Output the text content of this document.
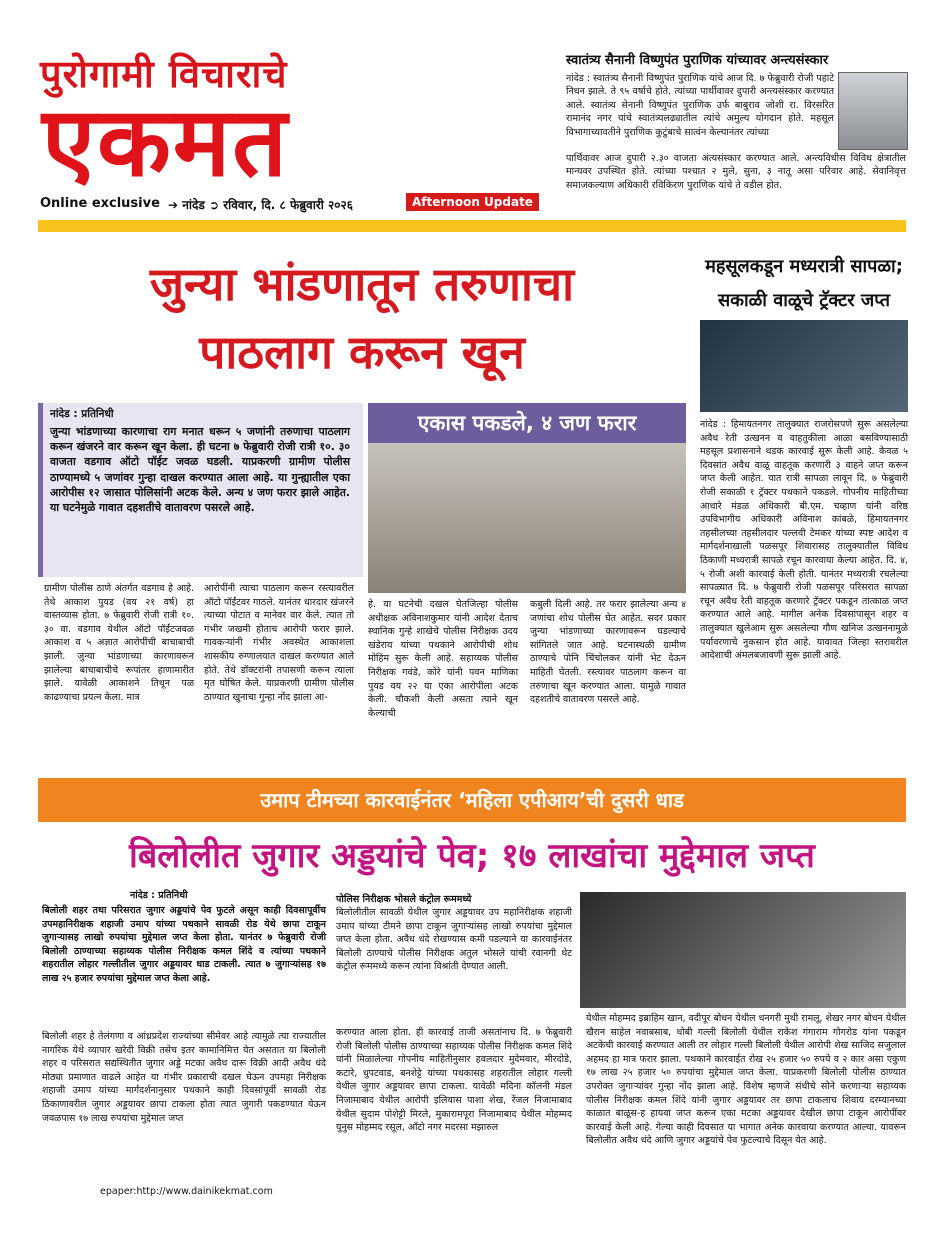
पुरोगामी विचाराचे
एकमत
Online exclusive ➔ नांदेड ➲ रविवार, दि. ८ फेब्रुवारी २०२६	Afternoon Update
स्वातंत्र्य सैनानी विष्णुपंत पुराणिक यांच्यावर अन्त्यसंस्कार
नांदेड : स्वातंत्र्य सैनानी विष्णुपंत पुराणिक यांचे आज दि. ७ फेब्रुवारी रोजी पहाटे निधन झाले. ते ९५ वर्षाचे होते. त्यांच्या पार्थीवावर दुपारी अन्त्यसंस्कार करण्यात आले. स्वातंत्र्य सेनानी विष्णुपंत पुराणिक उर्फ बाबुराव जोशी रा. विरसरित रामानंद नगर यांचे स्वातंत्र्यलढ्यातील त्यांचे अमुल्य योगदान होते. महसूल विभागाच्यावतीने पुराणिक कुटुंबाचे सात्वंन केल्यानंतर त्यांच्या
पार्थिवावर आज दुपारी २.३० वाजता अंत्यसंस्कार करण्यात आले. अन्त्यविधीस विविध क्षेत्रातील मान्यवर उपस्थित होते. त्यांच्या पश्चात २ मुले, सुना, ३ नातू असा परिवार आहे. सेवानिवृत्त समाजकल्याण अधिकारी रविकिरण पुराणिक यांचे ते वडील होत.
जुन्या भांडणातून तरुणाचा
पाठलाग करून खून
महसूलकडून मध्यरात्री सापळा;
सकाळी वाळूचे ट्रॅक्टर जप्त
नांदेड : हिमायतनगर तालुक्यात राजरोसपणे सुरू असलेल्या अवैध रेती उत्खनन व वाहतुकीला आळा बसविण्यासाठी महसूल प्रशासनाने धडक कारवाई सुरू केली आहे. केवळ ५ दिवसांत अवैध वाळू वाहतूक करणारी ३ वाहने जप्त करून जप्त केली आहेत. यात रात्री सापळा लावून दि. ७ फेब्रुवारी रोजी सकाळी १ ट्रॅक्टर पथकाने पकडले. गोपनीय माहितीच्या आधारे मंडळ अधिकारी बी.एम. चव्हाण यांनी वरिष्ठ उपविभागीय अधिकारी अविनाश कांबळे, हिमायतनगर तहसीलच्या तहसीलदार पल्लवी टेमकर यांच्या स्पष्ट आदेश व मार्गदर्शनाखाली पळसपूर शिवारासह तालुक्यातील विविध ठिकाणी मध्यरात्री सापळे रचून कारवाया केल्या आहेत. दि. ४, ५ रोजी अशी कारवाई केली होती. यानंतर मध्यरात्री रचलेल्या सापळ्यात दि. ७ फेब्रुवारी रोजी पळसपूर परिसरात सापळा रचून अवैध रेती वाहतूक करणारे ट्रॅक्टर पकडून तात्काळ जप्त करण्यात आले आहे. मागील अनेक दिवसांपासून शहर व तालुक्यात खुलेआम सुरू असलेल्या गौण खनिज उत्खननामुळे पर्यावरणाचे नुकसान होत आहे. यावावत जिल्हा स्तरावरील आदेशाची अंमलबजावणी सुरू झाली आहे.
नांदेड : प्रतिनिधी
जुन्या भांडणाच्या कारणाचा राग मनात धरून ५ जणांनी तरुणाचा पाठलाग करून खंजरने वार करून खून केला. ही घटना ७ फेब्रुवारी रोजी रात्री १०. ३० वाजता वडगाव ऑटो पॉईट जवळ घडली. याप्रकरणी ग्रामीण पोलीस ठाण्यामध्ये ५ जणांवर गुन्हा दाखल करण्यात आला आहे. या गुन्ह्यातील एका आरोपीस १२ जासात पोलिसांनी अटक केले. अन्य ४ जण फरार झाले आहेत. या घटनेमुळे गावात दहशतीचे वातावरण पसरले आहे.
एकास पकडले, ४ जण फरार
ग्रामीण पोलीस ठाणे अंतर्गत वडगाव हे आहे. तेथे आकाश पुयड (वय २१ वर्ष) हा वास्तव्यास होता. ७ फेब्रुवारी रोजी रात्री १०. ३० वा. वडगाव येथील ऑटो पॉईंटजवळ आकाश व ५ अज्ञात आरोपींची बाचाबाची झाली. जुन्या भांडणाच्या कारणावरून झालेल्या बाचाबाचीचे रूपांतर हाणामारीत झाले. यावेळी आकाशने तिथून पळ काढण्याचा प्रयत्न केला. मात्र
आरोपींनी त्याचा पाठलाग करून रस्त्यावरील ऑटो पॉईंटवर गाठले. यानंतर धारदार खंजरने त्याच्या पोटात व मानेवर वार केले. त्यात तो गंभीर जखमी होताच आरोपी फरार झाले. गावकऱ्यांनी गंभीर अवस्थेत आकाशला शासकीय रुग्णालयात दाखल करण्यात आले होते. तेथे डॉक्टरांनी तपासणी करून त्याला मृत घोषित केले. याप्रकरणी ग्रामीण पोलीस ठाण्यात खुनाचा गुन्हा नोंद झाला आ-
हे. या घटनेची दखल घेतजिल्हा पोलीस अधीक्षक अविनाशकुमार यांनी आदेश देताच स्थानिक गुन्हे शाखेचे पोलीस निरीक्षक उदय खंडेराय यांच्या पथकाने आरोपीची शोध मोहिम सुरू केली आहे. सहाय्यक पोलीस निरीक्षक गवंडे, कोरे यांनी पवन माणिका पुयड वय २२ या एका आरोपीला अटक केली. चौकशी केली असता त्याने खून केल्याची
कबुली दिली आहे. तर फरार झालेल्या अन्य ४ जणांचा शोध पोलीस घेत आहेत. सदर प्रकार जुन्या भांडणाच्या कारणावरून घडल्याचे सांगितले जात आहे. घटनास्थळी ग्रामीण ठाण्याचे पोनि चिंचोलकर यांनी भेट देऊन माहिती घेतली. रस्त्यावर पाठलाग करून वा तरुणाचा खून करण्यात आला. यामुळे गावात दहशतीचे वातावरण पसरले आहे.
उमाप टीमच्या कारवाईनंतर ‘महिला एपीआय’ची दुसरी धाड
बिलोलीत जुगार अड्डयांचे पेव; १७ लाखांचा मुद्देमाल जप्त
नांदेड : प्रतिनिधी
बिलोली शहर तथा परिसरात जुगार अड्डयांचे पेव फुटले असून काही दिवसापूर्वीच उपमहानिरीक्षक शहाजी उमाप यांच्या पथकाने सावळी रोड येथे छापा टाकून जुगाऱ्यासह लाखो रुपयांचा मुद्देमाल जप्त केला होता. यानंतर ७ फेब्रुवारी रोजी बिलोली ठाण्याच्या सहाय्यक पोलीस निरीक्षक कमल शिंदे व त्यांच्या पथकाने शहरातील लोहार गल्लीतील जुगार अड्डयावर धाड टाकली. त्यात ७ जुगाऱ्यांसह १७ लाख २५ हजार रुपयांचा मुद्देमाल जप्त केला आहे.
बिलोली शहर हे तेलंगणा व आंध्रप्रदेश राज्यांच्या सीमेवर आहे त्यामुळे त्या राज्यातील नागरिक येथे व्यापार खरेदी विक्री तसेच इतर कामानिमित्त येत असतात या बिलोली शहर व परिसरात सद्यस्थितीत जुगार अड्डे मटका अवैध दारू विक्री आदी अवैध धंदे मोठ्या प्रमाणात वाढले आहेत या गंभीर प्रकाराची दखल घेऊन उपमहा निरीक्षक शहाजी उमाप यांच्या मार्गदर्शनानुसार पथकाने काही दिवसांपूर्वी सावळी रोड ठिकाणावरील जुगार अड्डयावर छापा टाकला होता त्यात जुगारी पकडण्यात येऊन जवळपास १७ लाख रुपयांचा मुद्देमाल जप्त
पोलिस निरीक्षक भोसले कंट्रोल रूममध्ये
बिलोलीतील सावळी येथील जुगार अड्डयावर उप महानिरीक्षक शहाजी उमाप यांच्या टीमने छापा टाकून जुगाऱ्यांसह लाखो रुपयांचा मुद्देमाल जप्त केला होता. अवैध धंदे रोखण्यास कमी पडल्याने या कारवाईनंतर बिलोली ठाण्याचे पोलीस निरीक्षक अतुल भोसले यांची रवानगी थेट कंट्रोल रूममध्ये करून त्यांना विश्रांती देण्यात आली.
करण्यात आला होता. ही कारवाई ताजी असतांनाच दि. ७ फेब्रुवारी रोजी बिलोली पोलीस ठाण्याच्या सहाय्यक पोलीस निरीक्षक कमल शिंदे यांनी मिळालेल्या गोपनीय माहितीनुसार हवलदार मुदेमवार, मीरदोडे, कटारे, धुपटवाड, बनशेट्टे यांच्या पथकासह शहरातील लोहार गल्ली येथील जुगार अड्डयावर छापा टाकला. यावेळी मदिना कॉलनी मंडल निजामाबाद येथील आरोपी इलियास पाशा शेख, रेंजल निजामाबाद येथील सुदाम पोशेट्टी मिरले, मुकारामपूरा निजामाबाद येथील मोहम्मद युनुस मोहम्मद रसूल, आँटो नगर मदरसा मझारुल
येथील मोहम्मद इब्राहिम खान, वदीपूर बोधन येथील धनगरी मुथी रामलू, शेखर नगर बोधन येथील खैरान साहेल नवाबसाब, धोबी गल्ली बिलोली येथील राकेश गंगाराम गोगरोड यांना पकडून अटकेची कारवाई करण्यात आली तर लोहार गल्ली बिलोली येथील आरोपी शेख साजिद सजुलाल अहमद हा मात्र फरार झाला. पथकाने कारवाईत रोख २५ हजार ५० रुपये व २ कार असा एकुण १७ लाख २५ हजार ५० रुपयांचा मुद्देमाल जप्त केला. याप्रकरणी बिलोली पोलीस ठाण्यात उपरोक्त जुगाऱ्यांवर गुन्हा नोंद झाला आहे. विशेष म्हणजे संधीचे सोने करणाऱ्या सहाय्यक पोलीस निरीक्षक कमल शिंदे यांनी जुगार अड्डयावर तर छापा टाकलाच शिवाय दरम्यानच्या काळात बाळूस-ह हायवा जप्त करून एका मटका अड्डयावर देखील छापा टाकून आरोपींवर कारवाई केली आहे. गेल्या काही दिवसात या भागात अनेक कारवाया करण्यात आल्या. यावरून बिलोलीत अवैध धंदे आणि जुगार अड्डयांचे पेव फुटल्याचे दिसून येत आहे.
epaper:http://www.dainikekmat.com
